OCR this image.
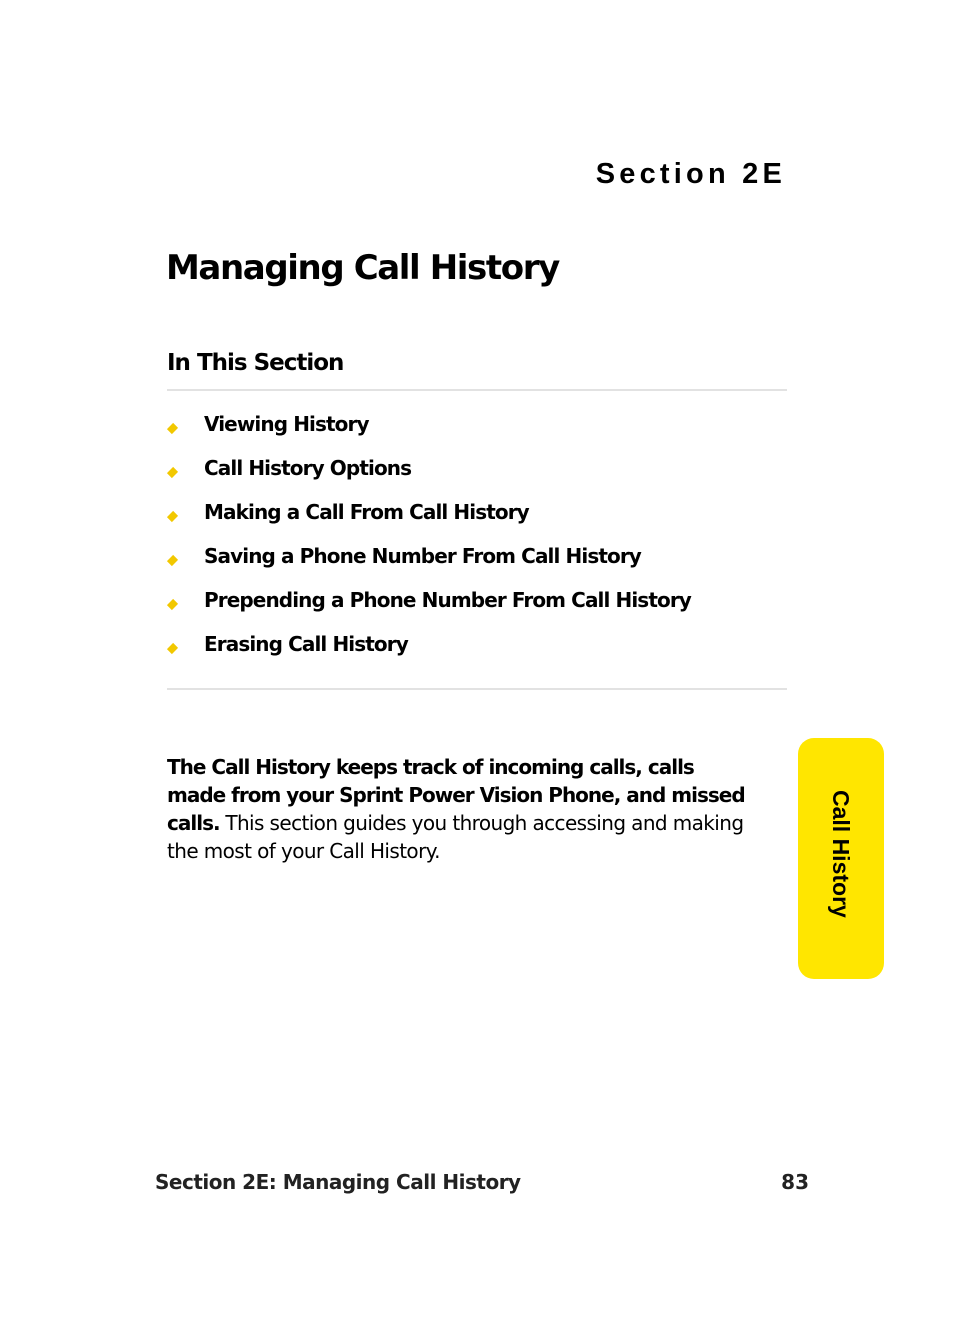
Section 2E
Managing Call History
In This Section
Viewing History
Call History Options
Making a Call From Call History
Saving a Phone Number From Call History
Prepending a Phone Number From Call History
Erasing Call History

The Call History keeps track of incoming calls, calls made from your Sprint Power Vision Phone, and missed calls. This section guides you through accessing and making the most of your Call History.	Call History
Section 2E: Managing Call History	83
